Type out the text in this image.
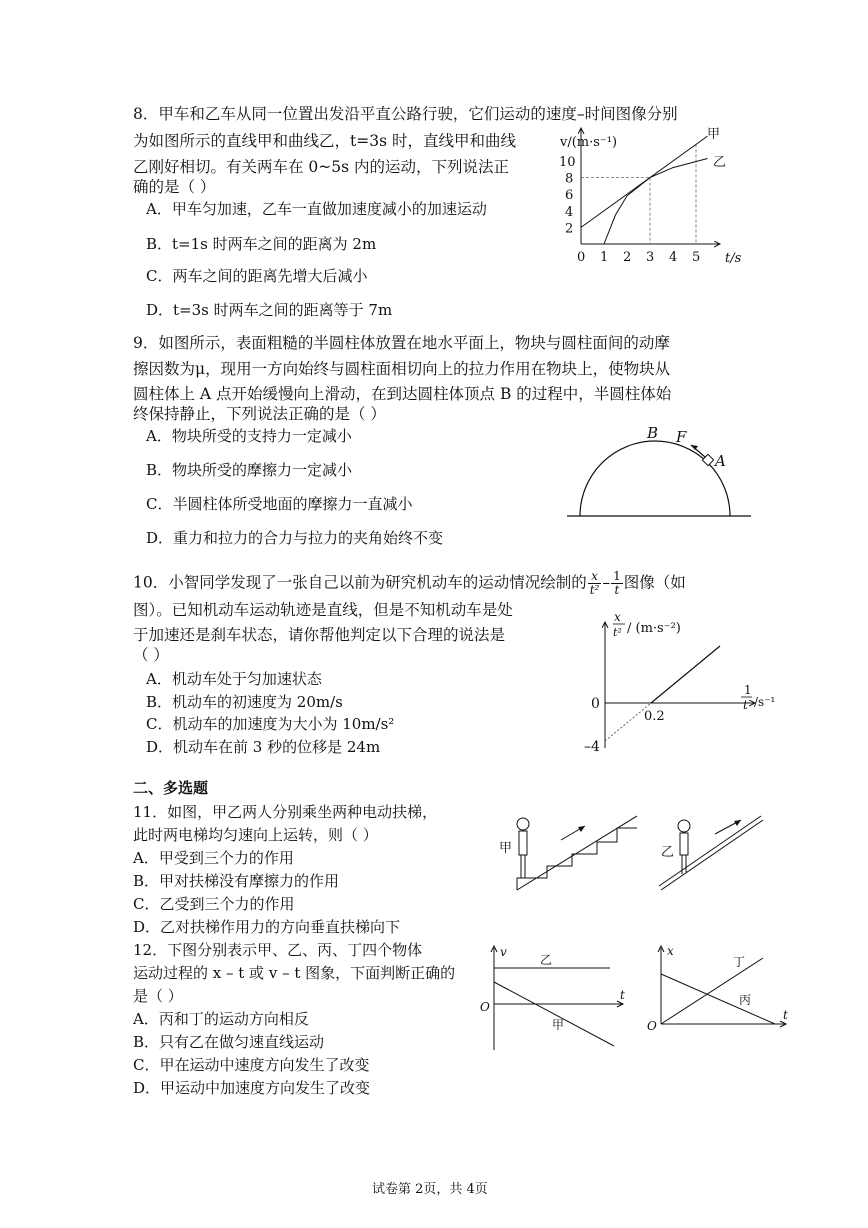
8．甲车和乙车从同一位置出发沿平直公路行驶，它们运动的速度–时间图像分别
为如图所示的直线甲和曲线乙，t=3s 时，直线甲和曲线
乙刚好相切。有关两车在 0~5s 内的运动，下列说法正
确的是（ ）
A．甲车匀加速，乙车一直做加速度减小的加速运动
B．t=1s 时两车之间的距离为 2m
C．两车之间的距离先增大后减小
D．t=3s 时两车之间的距离等于 7m
v/(m·s⁻¹)
t/s
0 1 2 3 4 5
2
4
6
8
10
甲
乙
9．如图所示，表面粗糙的半圆柱体放置在地水平面上，物块与圆柱面间的动摩
擦因数为μ，现用一方向始终与圆柱面相切向上的拉力作用在物块上，使物块从
圆柱体上 A 点开始缓慢向上滑动，在到达圆柱体顶点 B 的过程中，半圆柱体始
终保持静止，下列说法正确的是（ ）
A．物块所受的支持力一定减小
B．物块所受的摩擦力一定减小
C．半圆柱体所受地面的摩擦力一直减小
D．重力和拉力的合力与拉力的夹角始终不变
B F
A
10．小智同学发现了一张自己以前为研究机动车的运动情况绘制的 $\frac{x}{\text{t²}} - \frac{1}{t}$ 图像（如
图）。已知机动车运动轨迹是直线，但是不知机动车是处
于加速还是刹车状态，请你帮他判定以下合理的说法是
（ ）
A．机动车处于匀加速状态
B．机动车的初速度为 20m/s
C．机动车的加速度为大小为 10m/s²
D．机动车在前 3 秒的位移是 24m
x
t² / (m·s⁻²)
1
t /s⁻¹
0
0.2
–4
二、多选题
11．如图，甲乙两人分别乘坐两种电动扶梯，
此时两电梯均匀速向上运转，则（ ）
A．甲受到三个力的作用
B．甲对扶梯没有摩擦力的作用
C．乙受到三个力的作用
D．乙对扶梯作用力的方向垂直扶梯向下
甲	乙
12．下图分别表示甲、乙、丙、丁四个物体
运动过程的 x – t 或 v – t 图象，下面判断正确的
是（ ）
A．丙和丁的运动方向相反
B．只有乙在做匀速直线运动
C．甲在运动中速度方向发生了改变
D．甲运动中加速度方向发生了改变
v
t
O
乙
甲
x
t
O
丁
丙
试卷第 2页，共 4页
